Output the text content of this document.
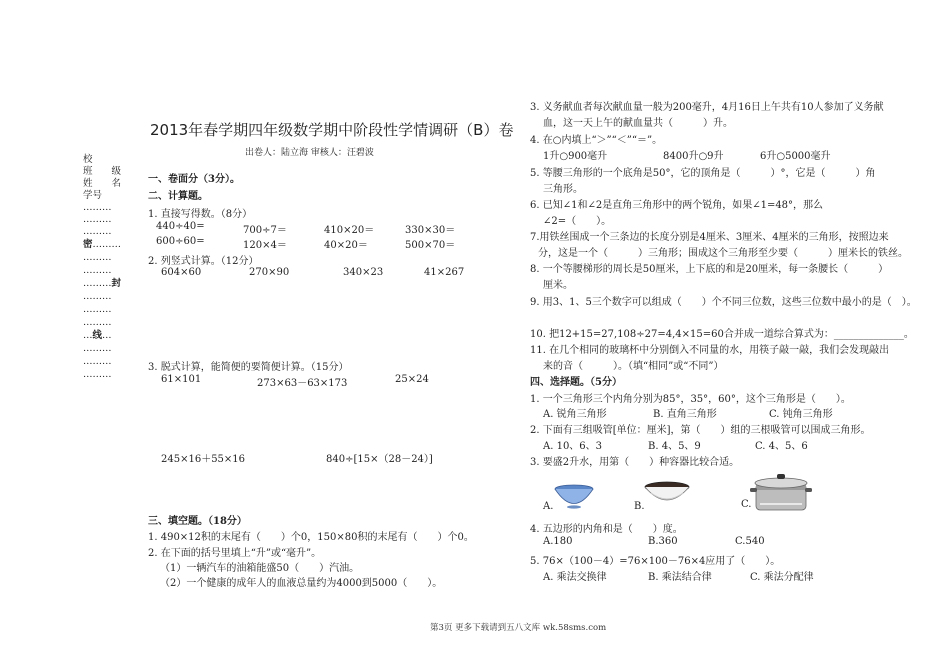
2013年春学期四年级数学期中阶段性学情调研（B）卷
出卷人：陆立海 审核人：汪碧波
校
班　　级
姓　　名
学号
………
………
………
密………
………
………
………封
………
………
………
…线…
………
………
………
一、卷面分（3分）。
二、计算题。
1. 直接写得数。（8分）
440÷40=	700÷7＝	410×20＝	330×30＝
600÷60=	120×4＝	40×20＝	500×70＝
2. 列竖式计算。（12分）
604×60	270×90	340×23	41×267
3. 脱式计算，能简便的要简便计算。（15分）
61×101	273×63－63×173	25×24
245×16＋55×16	840÷[15×（28－24）]
三、填空题。（18分）
1. 490×12积的末尾有（　　）个0，150×80积的末尾有（　　）个0。
2. 在下面的括号里填上“升”或“毫升”。
（1）一辆汽车的油箱能盛50（　　）汽油。
（2）一个健康的成年人的血液总量约为4000到5000（　　）。
3. 义务献血者每次献血量一般为200毫升，4月16日上午共有10人参加了义务献
血，这一天上午的献血量共（　　　）升。
4. 在○内填上“＞”“＜”“＝”。
1升○900毫升	8400升○9升	6升○5000毫升
5. 等腰三角形的一个底角是50°，它的顶角是（　　　）°，它是（　　　）角
三角形。
6. 已知∠1和∠2是直角三角形中的两个锐角，如果∠1=48°，那么
∠2=（　　）。
7.用铁丝围成一个三条边的长度分别是4厘米、3厘米、4厘米的三角形，按照边来
分，这是一个（　　　）三角形；围成这个三角形至少要（　　　）厘米长的铁丝。
8. 一个等腰梯形的周长是50厘米，上下底的和是20厘米，每一条腰长（　　　）
厘米。
9. 用3、1、5三个数字可以组成（　　）个不同三位数，这些三位数中最小的是（　）。
10. 把12+15=27,108÷27=4,4×15=60合并成一道综合算式为：______________。
11. 在几个相同的玻璃杯中分别倒入不同量的水，用筷子敲一敲，我们会发现敲出
来的音（　　　）。（填“相同”或“不同”）
四、选择题。（5分）
1. 一个三角形三个内角分别为85°，35°，60°，这个三角形是（　　）。
A. 锐角三角形	B. 直角三角形	C. 钝角三角形
2. 下面有三组吸管[单位：厘米]，第（　　）组的三根吸管可以围成三角形。
A. 10、6、3	B. 4、5、9	C. 4、5、6
3. 要盛2升水，用第（　　）种容器比较合适。
A.	B.	C.
4. 五边形的内角和是（　　）度。
A.180	B.360	C.540
5. 76×（100－4）=76×100－76×4应用了（　　）。
A. 乘法交换律	B. 乘法结合律	C. 乘法分配律
第3页 更多下载请到五八文库 wk.58sms.com
